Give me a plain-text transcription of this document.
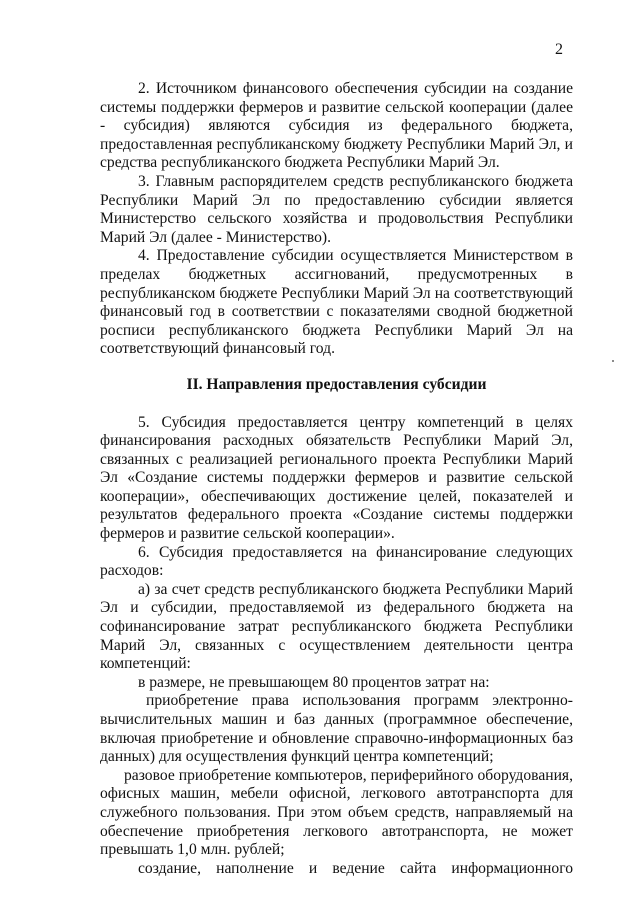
2

2. Источником финансового обеспечения субсидии на создание системы поддержки фермеров и развитие сельской кооперации (далее - субсидия) являются субсидия из федерального бюджета, предоставленная республиканскому бюджету Республики Марий Эл, и средства республиканского бюджета Республики Марий Эл.

3. Главным распорядителем средств республиканского бюджета Республики Марий Эл по предоставлению субсидии является Министерство сельского хозяйства и продовольствия Республики Марий Эл (далее - Министерство).

4. Предоставление субсидии осуществляется Министерством в пределах бюджетных ассигнований, предусмотренных в республиканском бюджете Республики Марий Эл на соответствующий финансовый год в соответствии с показателями сводной бюджетной росписи республиканского бюджета Республики Марий Эл на соответствующий финансовый год.

II. Направления предоставления субсидии

5. Субсидия предоставляется центру компетенций в целях финансирования расходных обязательств Республики Марий Эл, связанных с реализацией регионального проекта Республики Марий Эл «Создание системы поддержки фермеров и развитие сельской кооперации», обеспечивающих достижение целей, показателей и результатов федерального проекта «Создание системы поддержки фермеров и развитие сельской кооперации».

6. Субсидия предоставляется на финансирование следующих расходов:

а) за счет средств республиканского бюджета Республики Марий Эл и субсидии, предоставляемой из федерального бюджета на софинансирование затрат республиканского бюджета Республики Марий Эл, связанных с осуществлением деятельности центра компетенций:

в размере, не превышающем 80 процентов затрат на:

приобретение права использования программ электронно-вычислительных машин и баз данных (программное обеспечение, включая приобретение и обновление справочно-информационных баз данных) для осуществления функций центра компетенций;

разовое приобретение компьютеров, периферийного оборудования, офисных машин, мебели офисной, легкового автотранспорта для служебного пользования. При этом объем средств, направляемый на обеспечение приобретения легкового автотранспорта, не может превышать 1,0 млн. рублей;

создание, наполнение и ведение сайта информационного
